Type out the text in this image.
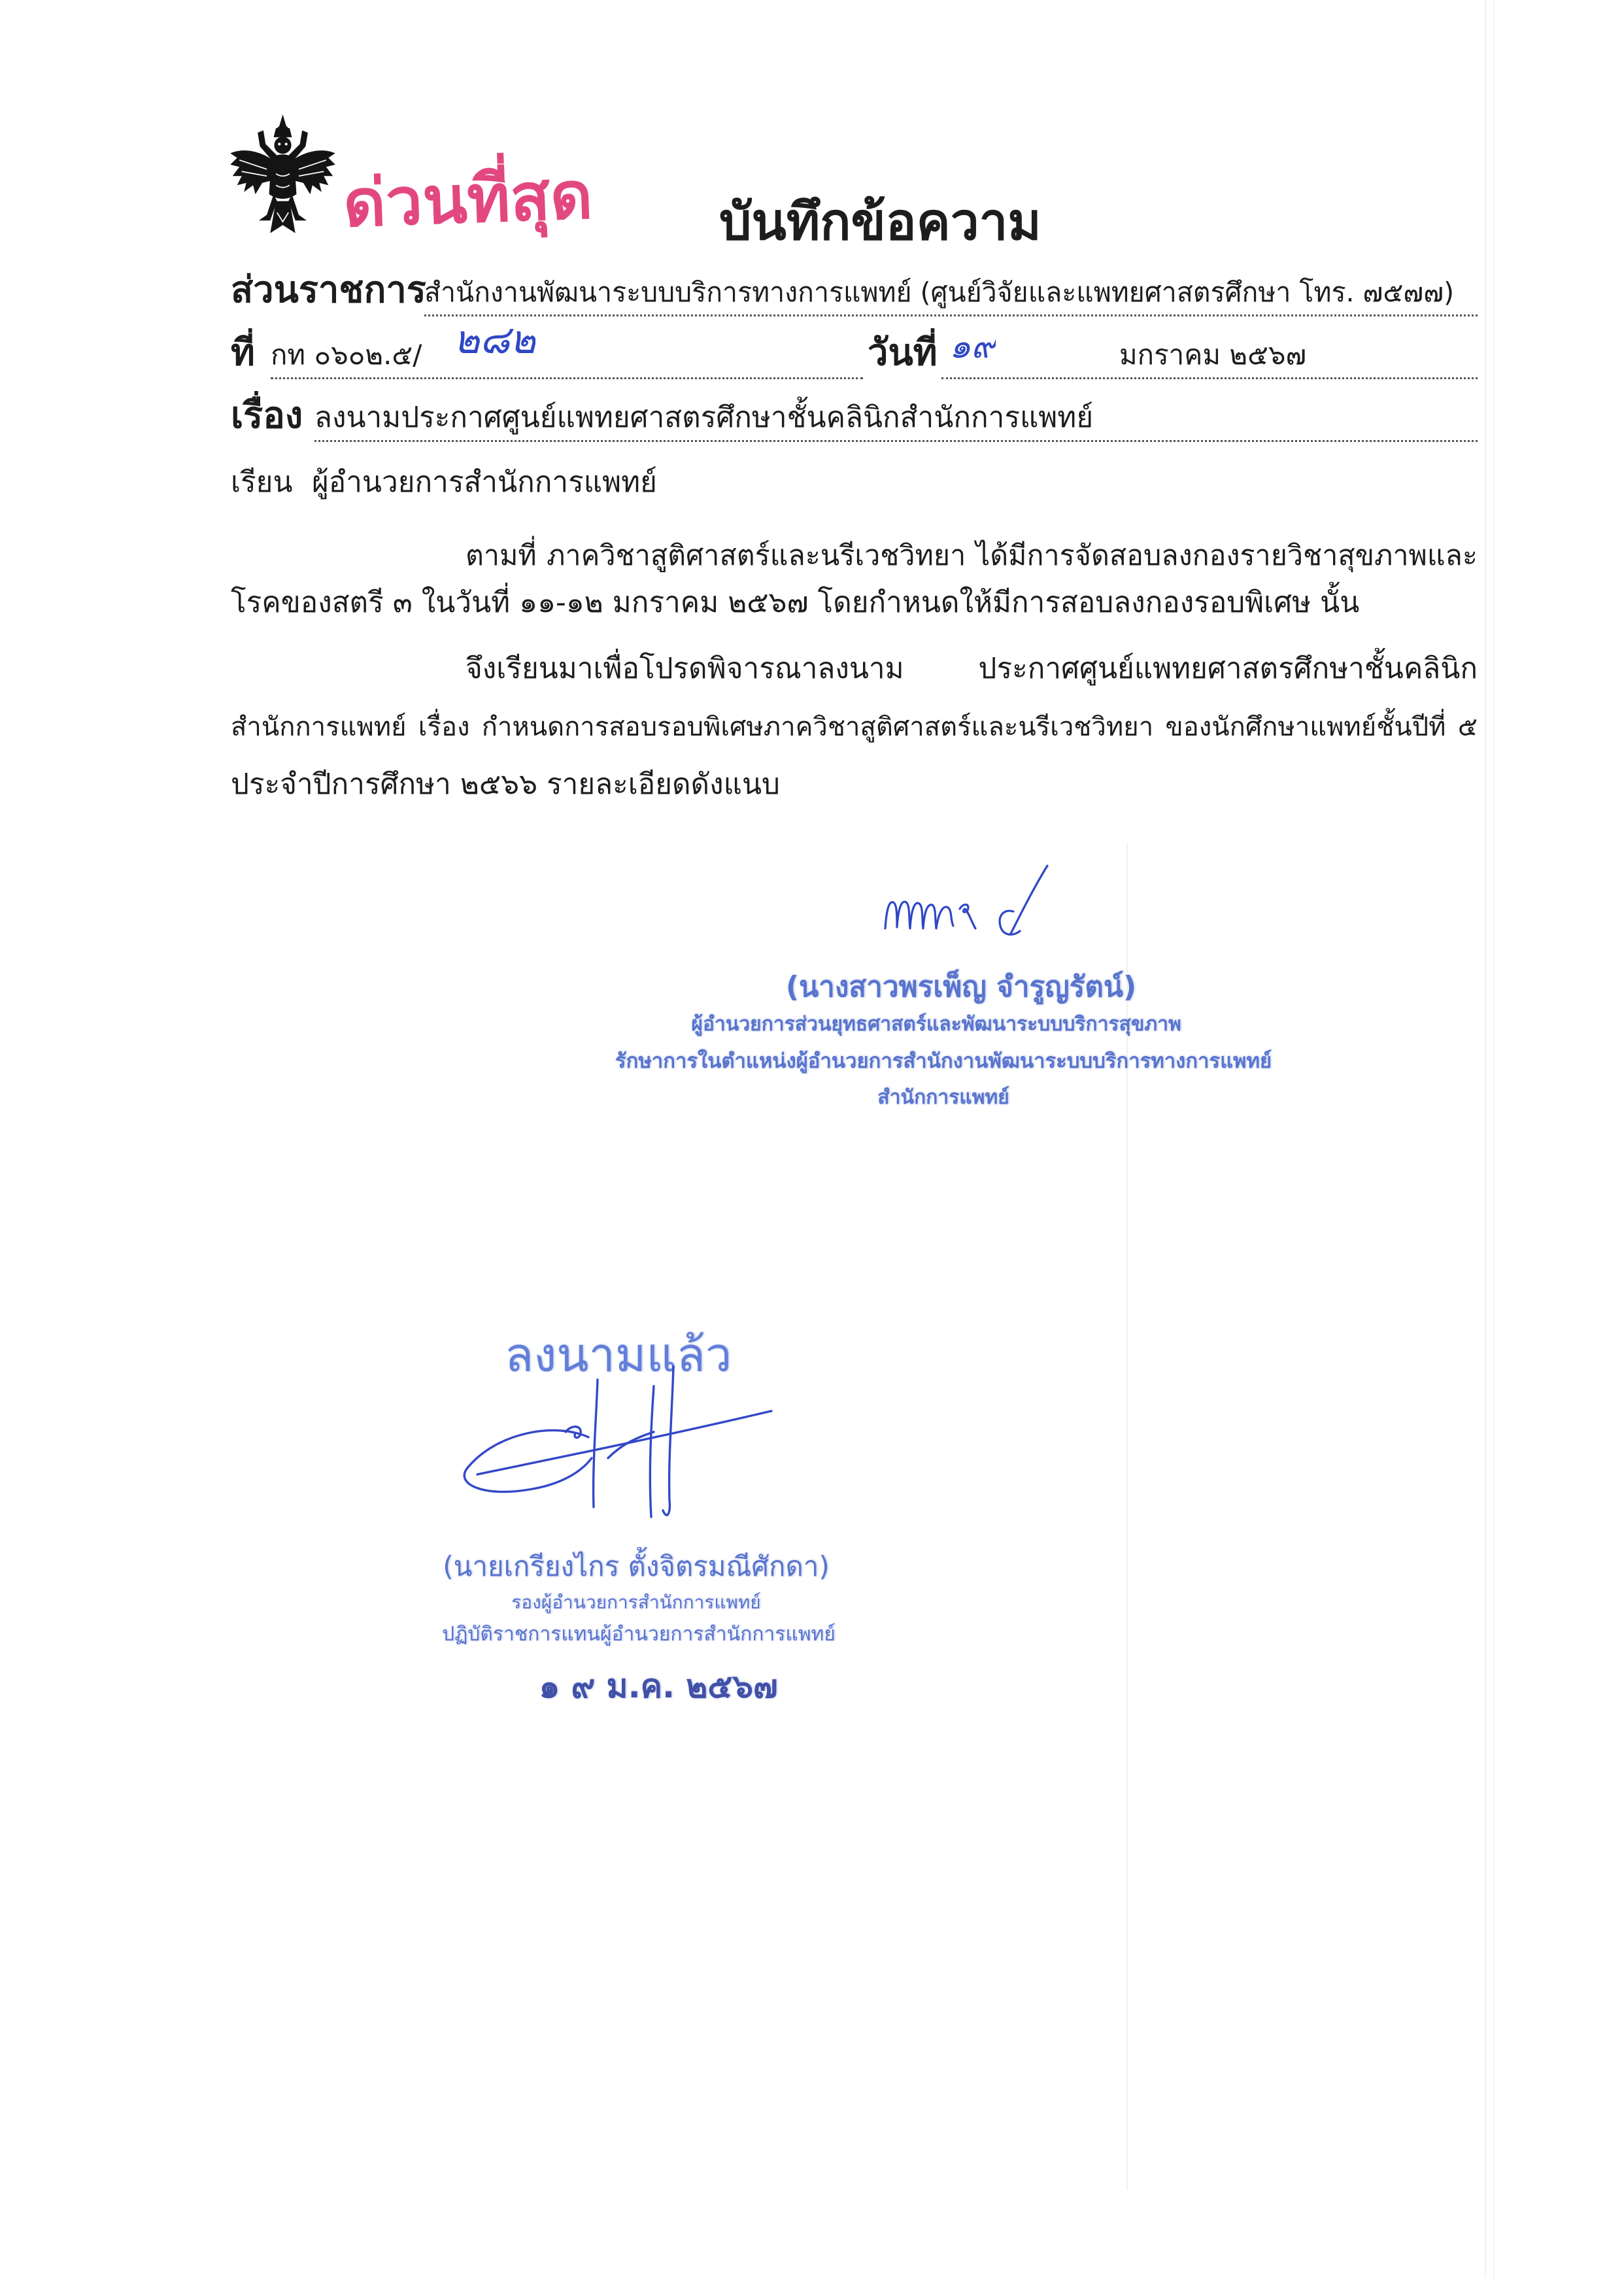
ด่วนที่สุด	บันทึกข้อความ
ส่วนราชการ
สำนักงานพัฒนาระบบบริการทางการแพทย์ (ศูนย์วิจัยและแพทยศาสตรศึกษา โทร. ๗๕๗๗)
ที่ กท ๐๖๐๒.๕/ ๒๘๒	วันที่ ๑๙	มกราคม ๒๕๖๗
เรื่อง ลงนามประกาศศูนย์แพทยศาสตรศึกษาชั้นคลินิกสำนักการแพทย์
เรียน ผู้อำนวยการสำนักการแพทย์
ตามที่ ภาควิชาสูติศาสตร์และนรีเวชวิทยา ได้มีการจัดสอบลงกองรายวิชาสุขภาพและ
โรคของสตรี ๓ ในวันที่ ๑๑-๑๒ มกราคม ๒๕๖๗ โดยกำหนดให้มีการสอบลงกองรอบพิเศษ นั้น
จึงเรียนมาเพื่อโปรดพิจารณาลงนาม ประกาศศูนย์แพทยศาสตรศึกษาชั้นคลินิก
สำนักการแพทย์ เรื่อง กำหนดการสอบรอบพิเศษภาควิชาสูติศาสตร์และนรีเวชวิทยา ของนักศึกษาแพทย์ชั้นปีที่ ๕
ประจำปีการศึกษา ๒๕๖๖ รายละเอียดดังแนบ
(นางสาวพรเพ็ญ จำรูญรัตน์)
ผู้อำนวยการส่วนยุทธศาสตร์และพัฒนาระบบบริการสุขภาพ
รักษาการในตำแหน่งผู้อำนวยการสำนักงานพัฒนาระบบบริการทางการแพทย์
สำนักการแพทย์
ลงนามแล้ว
(นายเกรียงไกร ตั้งจิตรมณีศักดา)
รองผู้อำนวยการสำนักการแพทย์
ปฏิบัติราชการแทนผู้อำนวยการสำนักการแพทย์
๑ ๙ ม.ค. ๒๕๖๗
